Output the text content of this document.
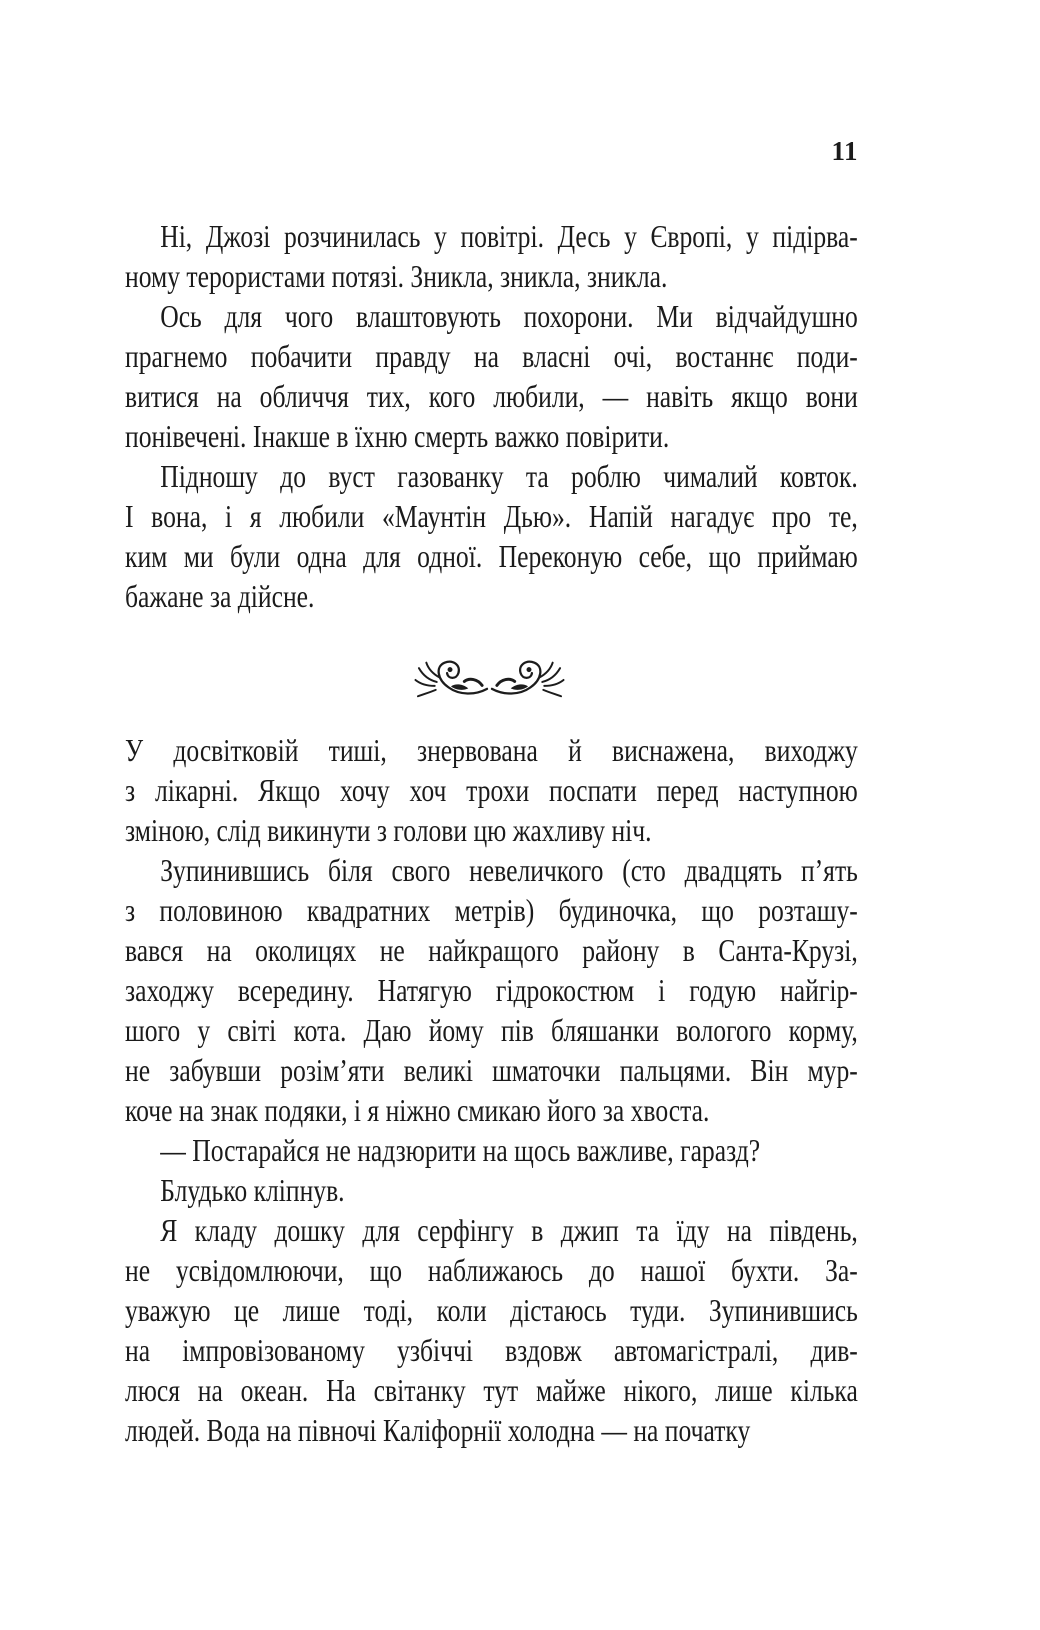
11
Ні, Джозі розчинилась у повітрі. Десь у Європі, у підірва-
ному терористами потязі. Зникла, зникла, зникла.
Ось для чого влаштовують похорони. Ми відчайдушно
прагнемо побачити правду на власні очі, востаннє поди-
витися на обличчя тих, кого любили, — навіть якщо вони
понівечені. Інакше в їхню смерть важко повірити.
Підношу до вуст газованку та роблю чималий ковток.
І вона, і я любили «Маунтін Дью». Напій нагадує про те,
ким ми були одна для одної. Переконую себе, що приймаю
бажане за дійсне.
У досвітковій тиші, знервована й виснажена, виходжу
з лікарні. Якщо хочу хоч трохи поспати перед наступною
зміною, слід викинути з голови цю жахливу ніч.
Зупинившись біля свого невеличкого (сто двадцять п’ять
з половиною квадратних метрів) будиночка, що розташу-
вався на околицях не найкращого району в Санта-Крузі,
заходжу всередину. Натягую гідрокостюм і годую найгір-
шого у світі кота. Даю йому пів бляшанки вологого корму,
не забувши розім’яти великі шматочки пальцями. Він мур-
коче на знак подяки, і я ніжно смикаю його за хвоста.
— Постарайся не надзюрити на щось важливе, гаразд?
Блудько кліпнув.
Я кладу дошку для серфінгу в джип та їду на південь,
не усвідомлюючи, що наближаюсь до нашої бухти. За-
уважую це лише тоді, коли дістаюсь туди. Зупинившись
на імпровізованому узбіччі вздовж автомагістралі, див-
люся на океан. На світанку тут майже нікого, лише кілька
людей. Вода на півночі Каліфорнії холодна — на початку
